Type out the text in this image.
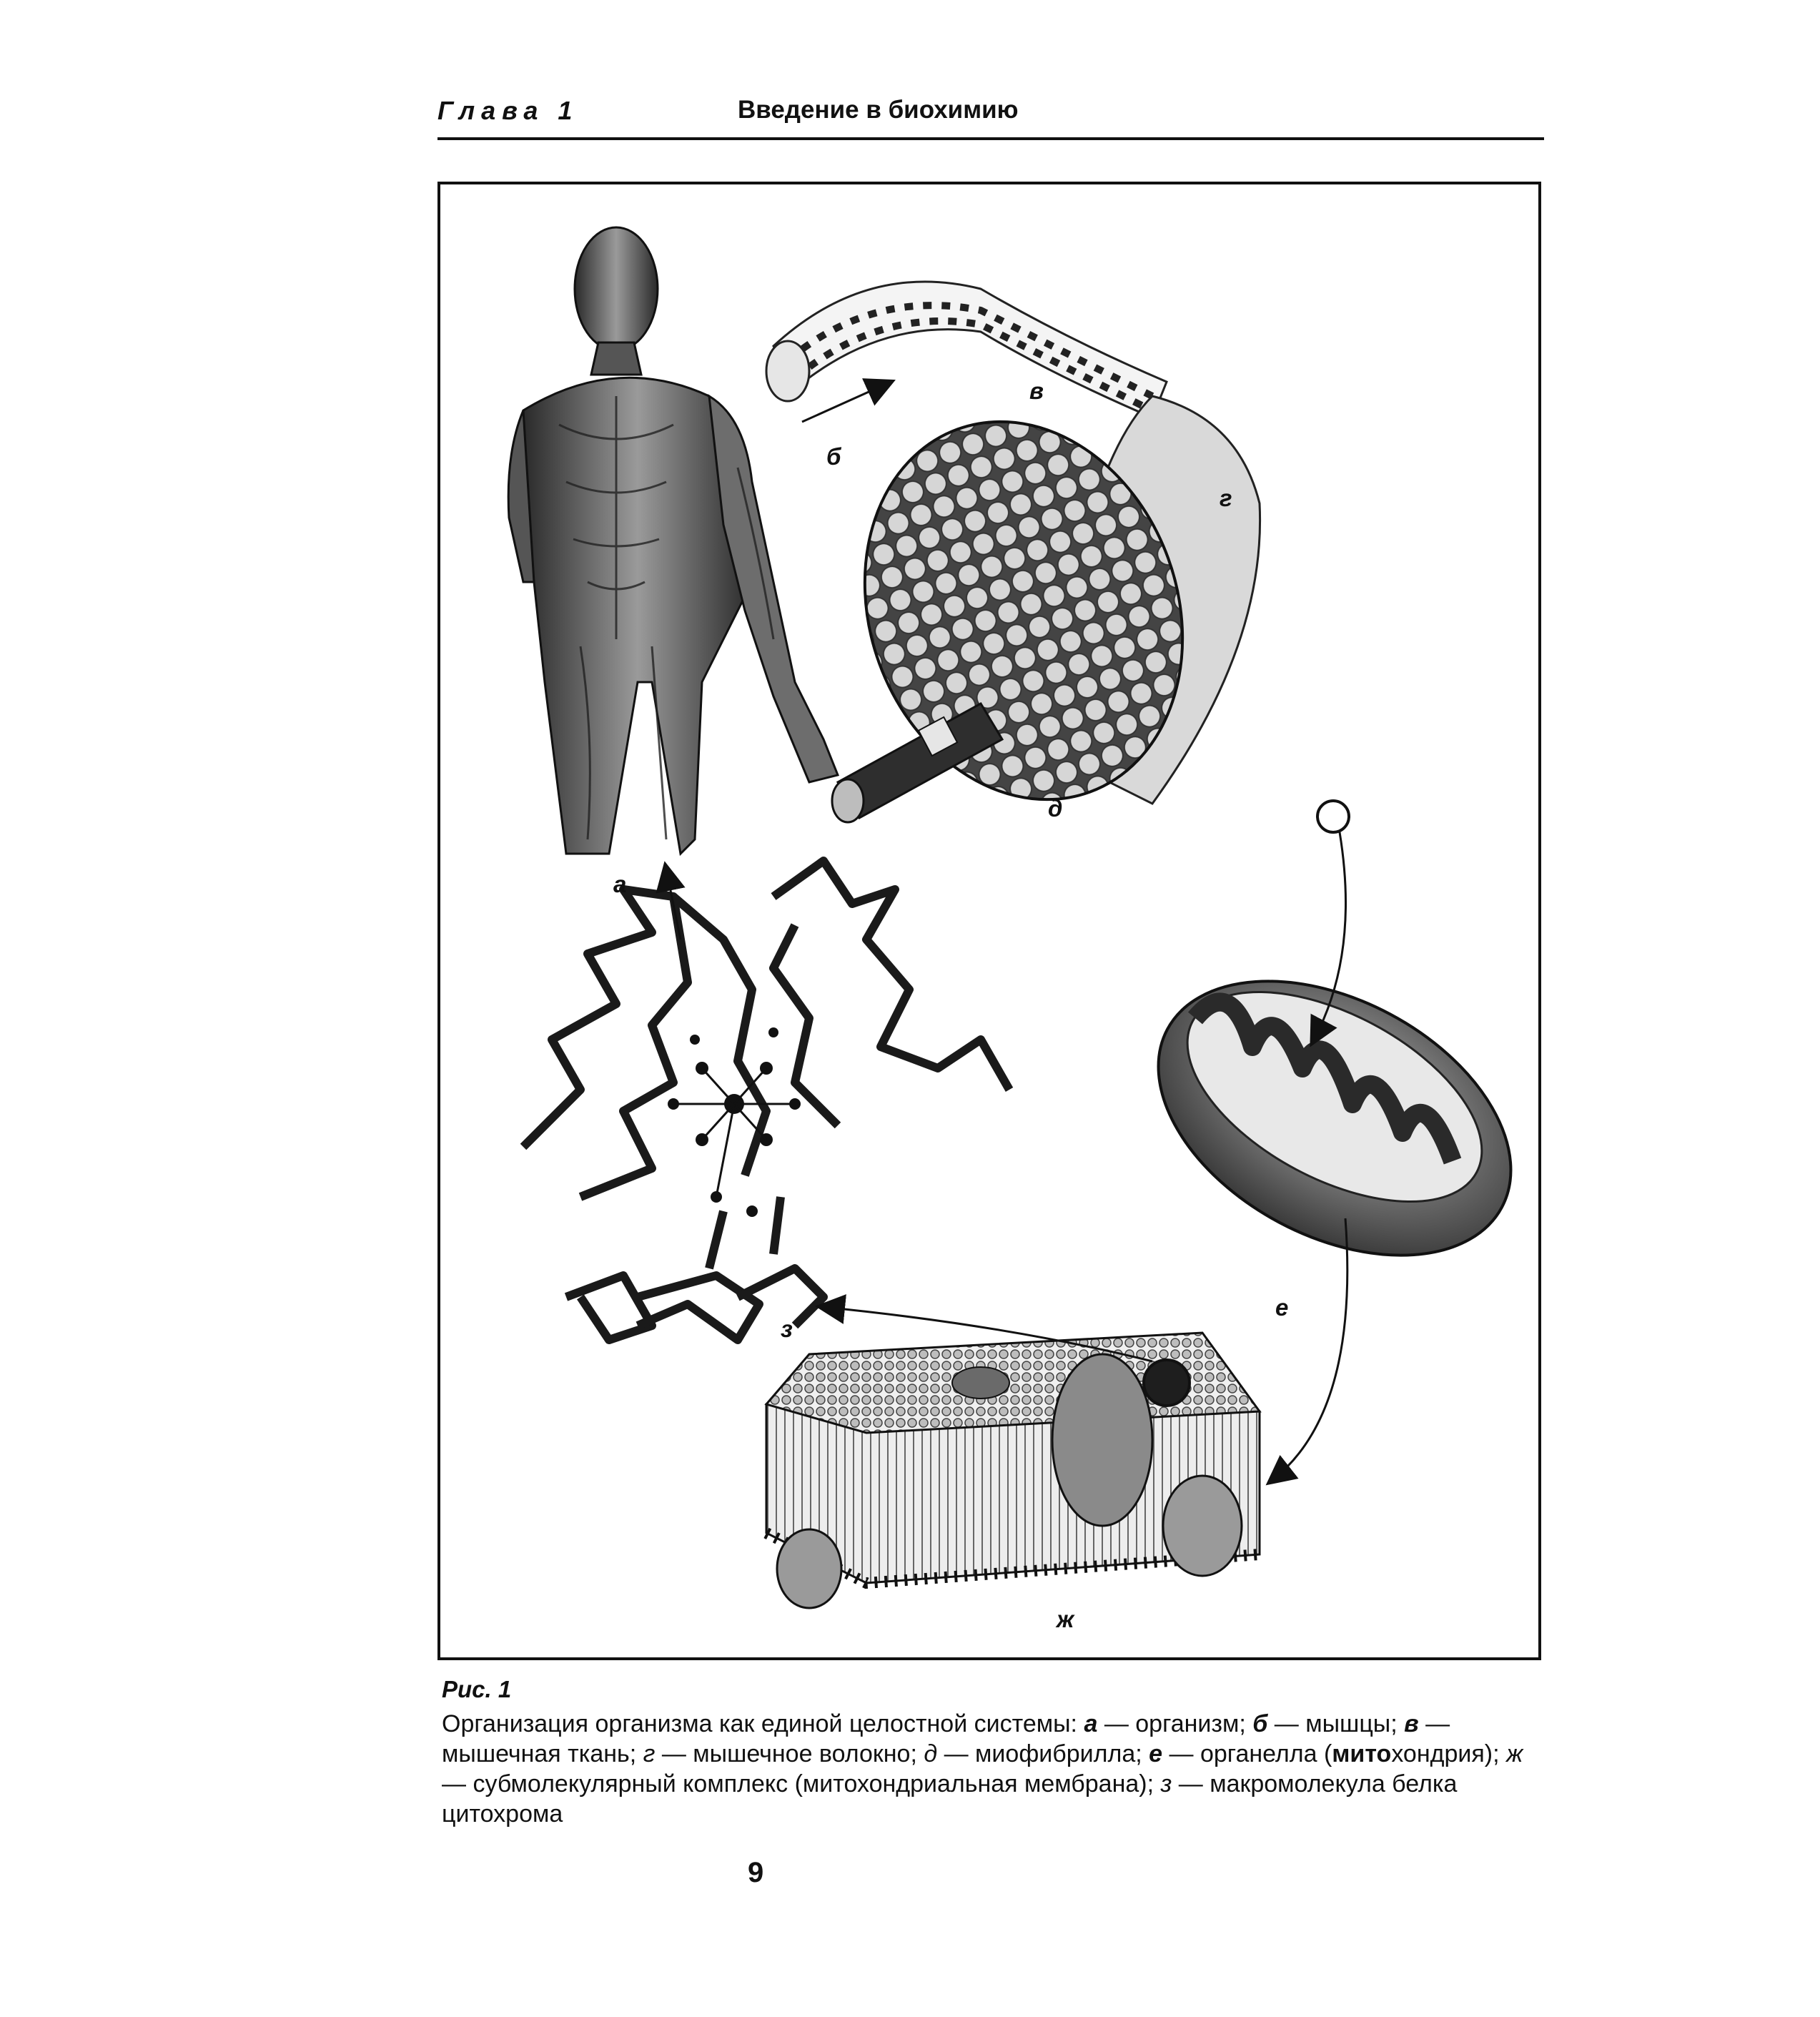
Глава 1	Введение в биохимию
а
б
в
г
д
е
ж
з
Рис. 1

Организация организма как единой целостной системы: а — организм; б — мышцы; в — мышечная ткань; г — мышечное волокно; д — миофибрилла; е — органелла (митохондрия); ж — субмолекулярный комплекс (митохондриальная мембрана); з — макромолекула белка цитохрома

9
